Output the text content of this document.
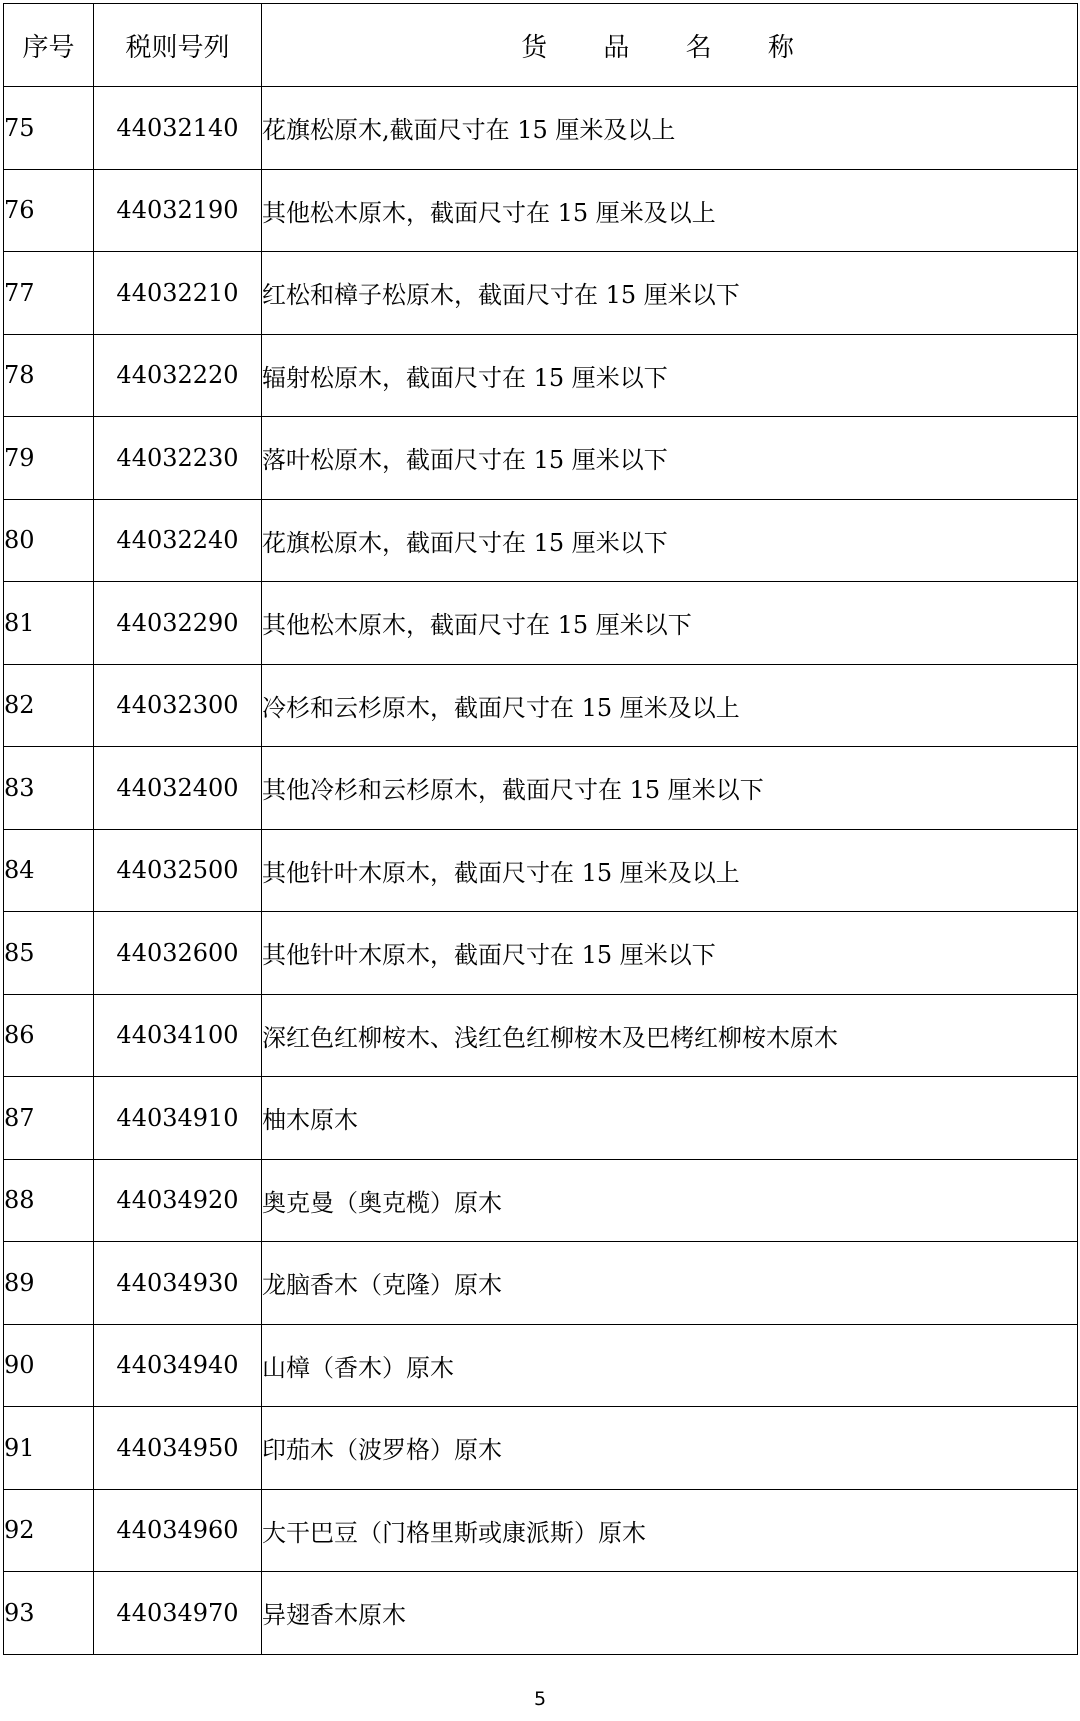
序号	税则号列	货 品 名 称
75	44032140	花旗松原木,截面尺寸在 15 厘米及以上
76	44032190	其他松木原木，截面尺寸在 15 厘米及以上
77	44032210	红松和樟子松原木，截面尺寸在 15 厘米以下
78	44032220	辐射松原木，截面尺寸在 15 厘米以下
79	44032230	落叶松原木，截面尺寸在 15 厘米以下
80	44032240	花旗松原木，截面尺寸在 15 厘米以下
81	44032290	其他松木原木，截面尺寸在 15 厘米以下
82	44032300	冷杉和云杉原木，截面尺寸在 15 厘米及以上
83	44032400	其他冷杉和云杉原木，截面尺寸在 15 厘米以下
84	44032500	其他针叶木原木，截面尺寸在 15 厘米及以上
85	44032600	其他针叶木原木，截面尺寸在 15 厘米以下
86	44034100	深红色红柳桉木、浅红色红柳桉木及巴栲红柳桉木原木
87	44034910	柚木原木
88	44034920	奥克曼（奥克榄）原木
89	44034930	龙脑香木（克隆）原木
90	44034940	山樟（香木）原木
91	44034950	印茄木（波罗格）原木
92	44034960	大干巴豆（门格里斯或康派斯）原木
93	44034970	异翅香木原木
5
